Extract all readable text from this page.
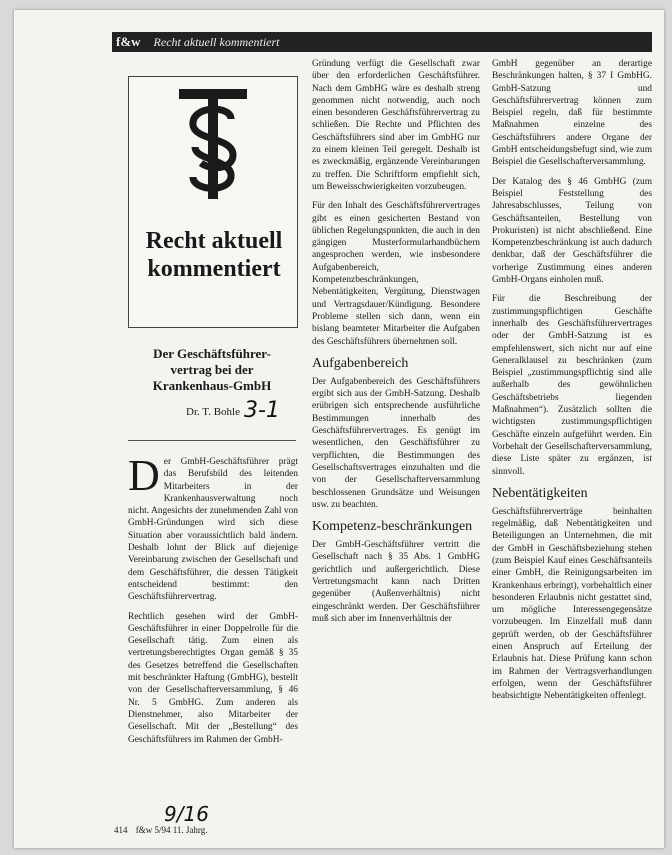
f&w Recht aktuell kommentiert
Recht aktuell
kommentiert
Der Geschäftsführer-
vertrag bei der
Krankenhaus-GmbH
Dr. T. Bohle 3-1

Der GmbH-Geschäftsführer prägt das Berufsbild des leitenden Mitarbeiters in der Krankenhausverwaltung noch nicht. Angesichts der zunehmenden Zahl von GmbH-Gründungen wird sich diese Situation aber voraussichtlich bald ändern. Deshalb lohnt der Blick auf diejenige Vereinbarung zwischen der Gesellschaft und dem Geschäftsführer, die dessen Tätigkeit entscheidend bestimmt: den Geschäftsführervertrag.

Rechtlich gesehen wird der GmbH-Geschäftsführer in einer Doppelrolle für die Gesellschaft tätig. Zum einen als vertretungsberechtigtes Organ gemäß § 35 des Gesetzes betreffend die Gesellschaften mit beschränkter Haftung (GmbHG), bestellt von der Gesellschafterversammlung, § 46 Nr. 5 GmbHG. Zum anderen als Dienstnehmer, also Mitarbeiter der Gesellschaft. Mit der „Bestellung“ des Geschäftsführers im Rahmen der GmbH-

Gründung verfügt die Gesellschaft zwar über den erforderlichen Geschäftsführer. Nach dem GmbHG wäre es deshalb streng genommen nicht notwendig, auch noch einen besonderen Geschäftsführervertrag zu schließen. Die Rechte und Pflichten des Geschäftsführers sind aber im GmbHG nur zu einem kleinen Teil geregelt. Deshalb ist es zweckmäßig, ergänzende Vereinbarungen zu treffen. Die Schriftform empfiehlt sich, um Beweisschwierigkeiten vorzubeugen.

Für den Inhalt des Geschäftsführervertrages gibt es einen gesicherten Bestand von üblichen Regelungspunkten, die auch in den gängigen Musterformularhandbüchern angesprochen werden, wie insbesondere Aufgabenbereich, Kompetenzbeschränkungen, Nebentätigkeiten, Vergütung, Dienstwagen und Vertragsdauer/Kündigung. Besondere Probleme stellen sich dann, wenn ein bislang beamteter Mitarbeiter die Aufgaben des Geschäftsführers übernehmen soll.

Aufgabenbereich

Der Aufgabenbereich des Geschäftsführers ergibt sich aus der GmbH-Satzung. Deshalb erübrigen sich entsprechende ausführliche Bestimmungen innerhalb des Geschäftsführervertrages. Es genügt im wesentlichen, den Geschäftsführer zu verpflichten, die Bestimmungen des Gesellschaftsvertrages einzuhalten und die von der Gesellschafterversammlung beschlossenen Grundsätze und Weisungen usw. zu beachten.

Kompetenz-beschränkungen

Der GmbH-Geschäftsführer vertritt die Gesellschaft nach § 35 Abs. 1 GmbHG gerichtlich und außergerichtlich. Diese Vertretungsmacht kann nach Dritten gegenüber (Außenverhältnis) nicht eingeschränkt werden. Der Geschäftsführer muß sich aber im Innenverhältnis der

GmbH gegenüber an derartige Beschränkungen halten, § 37 I GmbHG. GmbH-Satzung und Geschäftsführervertrag können zum Beispiel regeln, daß für bestimmte Maßnahmen einzelne des Geschäftsführers andere Organe der GmbH entscheidungsbefugt sind, wie zum Beispiel die Gesellschafterversammlung.

Der Katalog des § 46 GmbHG (zum Beispiel Feststellung des Jahresabschlusses, Teilung von Geschäftsanteilen, Bestellung von Prokuristen) ist nicht abschließend. Eine Kompetenzbeschränkung ist auch dadurch denkbar, daß der Geschäftsführer die vorherige Zustimmung eines anderen GmbH-Organs einholen muß.

Für die Beschreibung der zustimmungspflichtigen Geschäfte innerhalb des Geschäftsführervertrages oder der GmbH-Satzung ist es empfehlenswert, sich nicht nur auf eine Generalklausel zu beschränken (zum Beispiel „zustimmungspflichtig sind alle außerhalb des gewöhnlichen Geschäftsbetriebs liegenden Maßnahmen“). Zusätzlich sollten die wichtigsten zustimmungspflichtigen Geschäfte einzeln aufgeführt werden. Ein Vorbehalt der Gesellschafterversammlung, diese Liste später zu ergänzen, ist sinnvoll.

Nebentätigkeiten

Geschäftsführerverträge beinhalten regelmäßig, daß Nebentätigkeiten und Beteiligungen an Unternehmen, die mit der GmbH in Geschäftsbeziehung stehen (zum Beispiel Kauf eines Geschäftsanteils einer GmbH, die Reinigungsarbeiten im Krankenhaus erbringt), vorbehaltlich einer besonderen Erlaubnis nicht gestattet sind, um mögliche Interessengegensätze vorzubeugen. Im Einzelfall muß dann geprüft werden, ob der Geschäftsführer einen Anspruch auf Erteilung der Erlaubnis hat. Diese Prüfung kann schon im Rahmen der Vertragsverhandlungen erfolgen, wenn der Geschäftsführer beabsichtigte Nebentätigkeiten offenlegt.

9/16
414 f&w 5/94 11. Jahrg.
